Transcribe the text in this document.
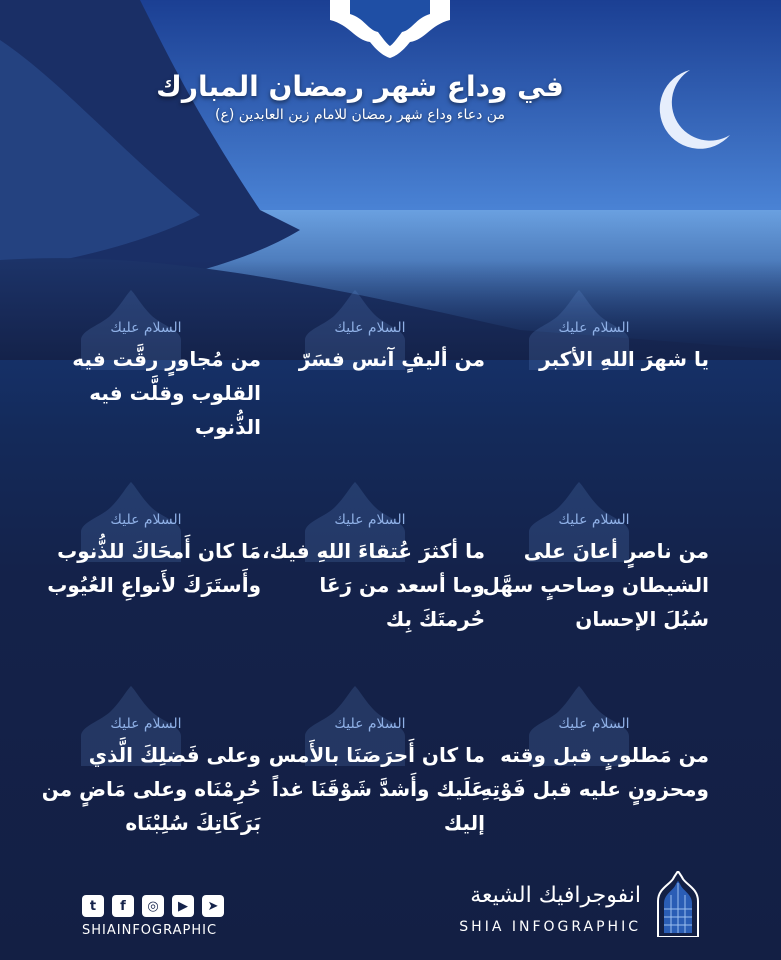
في وداع شهر رمضان المبارك
من دعاء وداع شهر رمضان للامام زين العابدين (ع)
السلام عليك
يا شهرَ اللهِ الأكبر
السلام عليك
من أليفٍ آنس فسَرّ
السلام عليك
من مُجاورٍ رقَّت فيه القلوب وقلَّت فيه الذُّنوب
السلام عليك
من ناصرٍ أعانَ على الشيطان وصاحبٍ سهَّل سُبُلَ الإحسان
السلام عليك
ما أكثرَ عُتقاءَ اللهِ فيك، وما أسعد من رَعَا حُرمتَكَ بِك
السلام عليك
مَا كان أَمحَاكَ للذُّنوب وأَستَرَكَ لأَنواعِ العُيُوب
السلام عليك
من مَطلوبٍ قبل وقته ومحزونٍ عليه قبل فَوْتِهِ
السلام عليك
ما كان أَحرَصَنَا بالأَمس عَلَيك وأَشدَّ شَوْقَنَا غداً إليك
السلام عليك
وعلى فَضلِكَ الَّذي حُرِمْنَاه وعلى مَاضٍ من بَرَكَاتِكَ سُلِبْنَاه
t	f	◎	▶	➤
SHIAINFOGRAPHIC
انفوجرافيك الشيعة
SHIA INFOGRAPHIC
